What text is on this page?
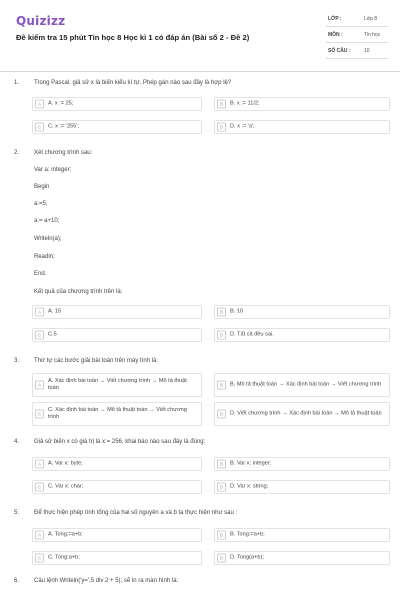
Quizizz
Đề kiểm tra 15 phút Tin học 8 Học kì 1 có đáp án (Bài số 2 - Đề 2)
LỚP :	Lớp 8
MÔN :	Tin học
SỐ CÂU :	10
1. Trong Pascal, giả sử x là biến kiểu kí tự. Phép gán nào sau đây là hợp lệ?
A	A. x := 25;	B	B. x := 11/2;
C	C. x := '255';	D	D. x := 'a';
2. Xét chương trình sau:
Var a: integer;
Begin
a:=5;
a:= a+10;
Writeln(a);
Readln;
End.
Kết quả của chương trình trên là:
A	A. 15	B	B. 10
C	C.5	D	D. Tất cả đều sai.
3. Thứ tự các bước giải bài toán trên máy tính là:
A
A. Xác định bài toán → Viết chương trình → Mô tả thuật toán	B	B. Mô tả thuật toán → Xác định bài toán → Viết chương trình
C
C. Xác định bài toán → Mô tả thuật toán → Viết chương trình	D	D. Viết chương trình → Xác định bài toán → Mô tả thuật toán
4. Giả sử biến x có giá trị là x:= 256, khai báo nào sau đây là đúng:
A	A. Var x: byte;	B	B. Var x: integer;
C	C. Var x: char;	D	D. Var x: string;
5. Để thực hiện phép tính tổng của hai số nguyên a và b ta thực hiện như sau :
A	A. Tong:=a+b;	B	B. Tong:=a+b;
C	C. Tong:a+b;	D	D. Tong(a+b);
6. Câu lệnh Writeln('y=',5 div 2 + 5); sẽ in ra màn hình là:
